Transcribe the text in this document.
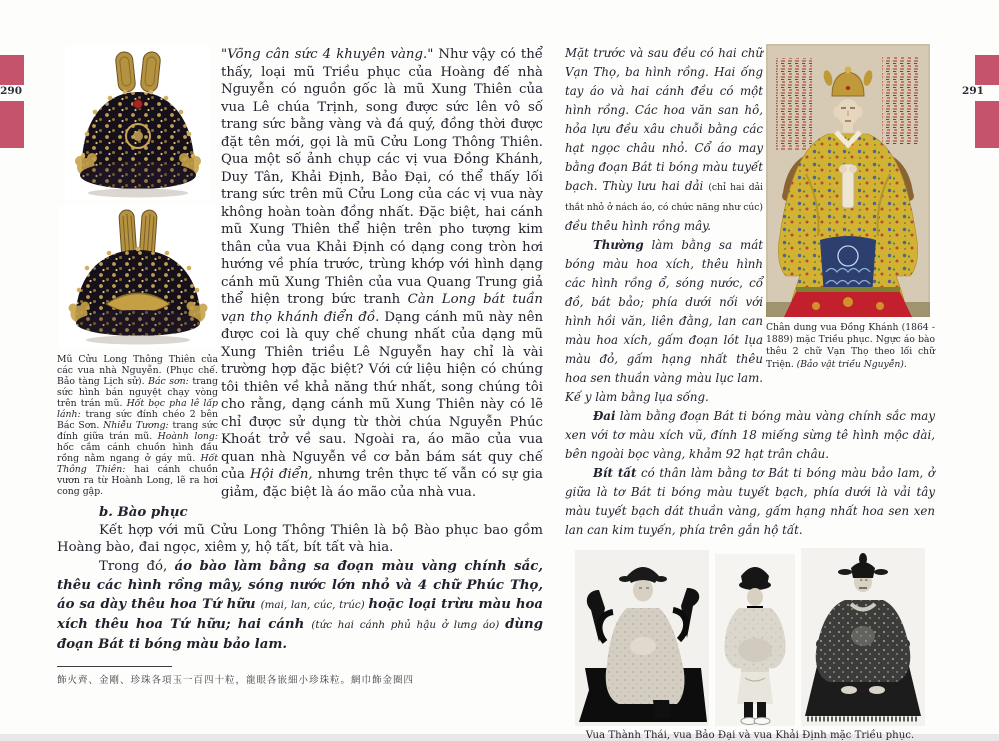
290	291
Mũ Cửu Long Thông Thiên của các vua nhà Nguyễn. (Phục chế. Bảo tàng Lịch sử). Bác sơn: trang sức hình bán nguyệt chạy vòng trên trán mũ. Hốt bọc pha lê lấp lánh: trang sức đính chéo 2 bên Bác Sơn. Nhiễu Tương: trang sức đính giữa trán mũ. Hoành long: hốc cắm cánh chuồn hình đầu rồng nằm ngang ở gáy mũ. Hốt Thông Thiên: hai cánh chuồn vươn ra từ Hoành Long, lẽ ra hơi cong gập.
"Võng cân sức 4 khuyên vàng." Như vậy có thể thấy, loại mũ Triều phục của Hoàng đế nhà Nguyễn có nguồn gốc là mũ Xung Thiên của vua Lê chúa Trịnh, song được sức lên vô số trang sức bằng vàng và đá quý, đồng thời được đặt tên mới, gọi là mũ Cửu Long Thông Thiên. Qua một số ảnh chụp các vị vua Đồng Khánh, Duy Tân, Khải Định, Bảo Đại, có thể thấy lối trang sức trên mũ Cửu Long của các vị vua này không hoàn toàn đồng nhất. Đặc biệt, hai cánh mũ Xung Thiên thể hiện trên pho tượng kim thân của vua Khải Định có dạng cong tròn hơi hướng về phía trước, trùng khớp với hình dạng cánh mũ Xung Thiên của vua Quang Trung giả thể hiện trong bức tranh Càn Long bát tuần vạn thọ khánh điển đồ. Dạng cánh mũ này nên được coi là quy chế chung nhất của dạng mũ Xung Thiên triều Lê Nguyễn hay chỉ là vài trường hợp đặc biệt? Với cứ liệu hiện có chúng tôi thiên về khả năng thứ nhất, song chúng tôi cho rằng, dạng cánh mũ Xung Thiên này có lẽ chỉ được sử dụng từ thời chúa Nguyễn Phúc Khoát trở về sau. Ngoài ra, áo mão của vua quan nhà Nguyễn về cơ bản bám sát quy chế của Hội điển, nhưng trên thực tế vẫn có sự gia giảm, đặc biệt là áo mão của nhà vua.
b. Bào phục
Kết hợp với mũ Cửu Long Thông Thiên là bộ Bào phục bao gồm Hoàng bào, đai ngọc, xiêm y, hộ tất, bít tất và hia.
Trong đó, áo bào làm bằng sa đoạn màu vàng chính sắc, thêu các hình rồng mây, sóng nước lớn nhỏ và 4 chữ Phúc Thọ, áo sa dày thêu hoa Tứ hữu (mai, lan, cúc, trúc) hoặc loại trừu màu hoa xích thêu hoa Tứ hữu; hai cánh (tức hai cánh phủ hậu ở lưng áo) dùng đoạn Bát ti bóng màu bảo lam.
飾火齊、金剛、珍珠各項玉一百四十粒，龍眼各嵌細小珍珠粒。網巾飾金圈四
Chân dung vua Đồng Khánh (1864 - 1889) mặc Triều phục. Ngực áo bào thêu 2 chữ Vạn Thọ theo lối chữ Triện. (Bảo vật triều Nguyễn).
Mặt trước và sau đều có hai chữ Vạn Thọ, ba hình rồng. Hai ống tay áo và hai cánh đều có một hình rồng. Các hoa văn san hô, hỏa lựu đều xâu chuỗi bằng các hạt ngọc châu nhỏ. Cổ áo may bằng đoạn Bát ti bóng màu tuyết bạch. Thùy lưu hai dải (chỉ hai dải thắt nhỏ ở nách áo, có chức năng như cúc) đều thêu hình rồng mây.
Thường làm bằng sa mát bóng màu hoa xích, thêu hình các hình rồng ổ, sóng nước, cổ đồ, bát bảo; phía dưới nối với hình hồi văn, liên đằng, lan can màu hoa xích, gấm đoạn lót lụa màu đỏ, gấm hạng nhất thêu hoa sen thuần vàng màu lục lam. Kế y làm bằng lụa sống.
Đai làm bằng đoạn Bát ti bóng màu vàng chính sắc may xen với tơ màu xích vũ, đính 18 miếng sừng tê hình mộc dài, bên ngoài bọc vàng, khảm 92 hạt trân châu.
Bít tất có thân làm bằng tơ Bát ti bóng màu bảo lam, ở giữa là tơ Bát ti bóng màu tuyết bạch, phía dưới là vải tây màu tuyết bạch dát thuần vàng, gấm hạng nhất hoa sen xen lan can kim tuyến, phía trên gắn hộ tất.
Vua Thành Thái, vua Bảo Đại và vua Khải Định mặc Triều phục.
